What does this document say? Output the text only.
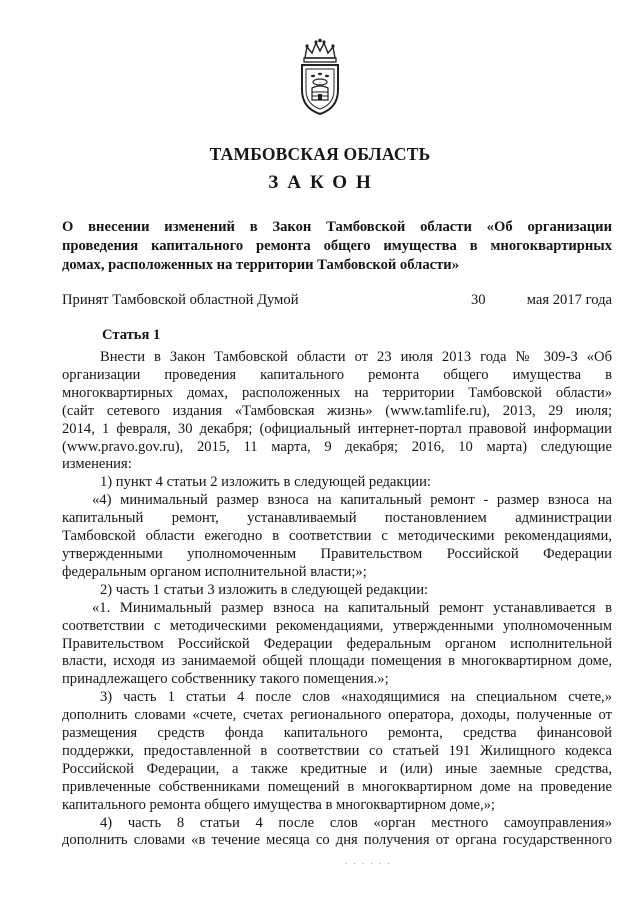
ТАМБОВСКАЯ ОБЛАСТЬ
ЗАКОН
О внесении изменений в Закон Тамбовской области «Об организации
проведения капитального ремонта общего имущества в многоквартирных
домах, расположенных на территории Тамбовской области»
Принят Тамбовской областной Думой	30	мая 2017 года
Статья 1
Внести в Закон Тамбовской области от 23 июля 2013 года № 309-З «Об
организации проведения капитального ремонта общего имущества в
многоквартирных домах, расположенных на территории Тамбовской области»
(сайт сетевого издания «Тамбовская жизнь» (www.tamlife.ru), 2013, 29 июля;
2014, 1 февраля, 30 декабря; (официальный интернет-портал правовой информации
(www.pravo.gov.ru), 2015, 11 марта, 9 декабря; 2016, 10 марта) следующие
изменения:
1) пункт 4 статьи 2 изложить в следующей редакции:
«4) минимальный размер взноса на капитальный ремонт - размер взноса на
капитальный ремонт, устанавливаемый постановлением администрации
Тамбовской области ежегодно в соответствии с методическими рекомендациями,
утвержденными уполномоченным Правительством Российской Федерации
федеральным органом исполнительной власти;»;
2) часть 1 статьи 3 изложить в следующей редакции:
«1. Минимальный размер взноса на капитальный ремонт устанавливается в
соответствии с методическими рекомендациями, утвержденными уполномоченным
Правительством Российской Федерации федеральным органом исполнительной
власти, исходя из занимаемой общей площади помещения в многоквартирном доме,
принадлежащего собственнику такого помещения.»;
3) часть 1 статьи 4 после слов «находящимися на специальном счете,»
дополнить словами «счете, счетах регионального оператора, доходы, полученные от
размещения средств фонда капитального ремонта, средства финансовой
поддержки, предоставленной в соответствии со статьей 191 Жилищного кодекса
Российской Федерации, а также кредитные и (или) иные заемные средства,
привлеченные собственниками помещений в многоквартирном доме на проведение
капитального ремонта общего имущества в многоквартирном доме,»;
4) часть 8 статьи 4 после слов «орган местного самоуправления»
дополнить словами «в течение месяца со дня получения от органа государственного
. . . . . .
